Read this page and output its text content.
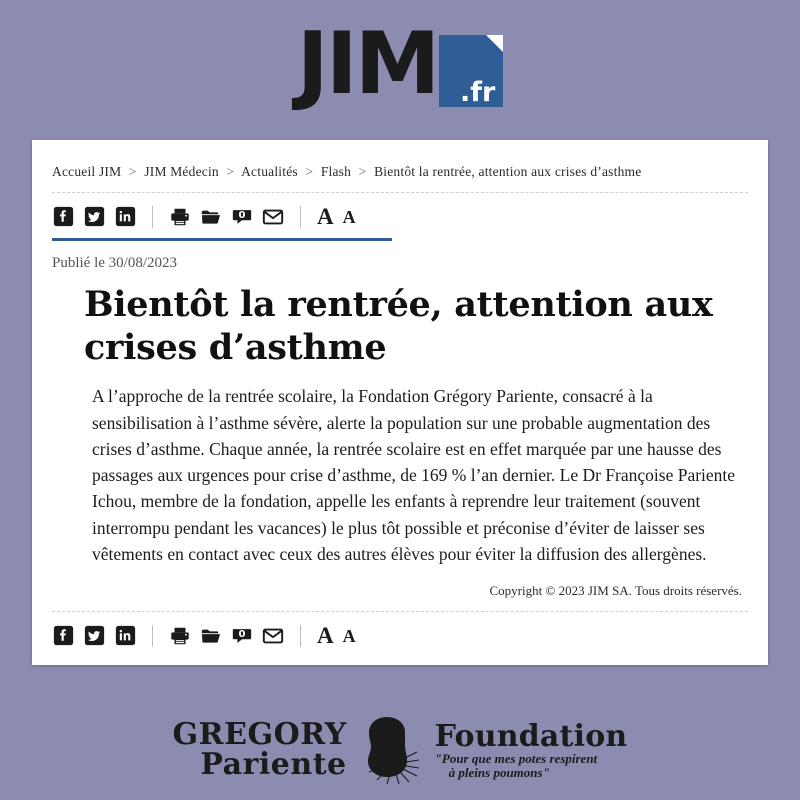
JIM .fr
Accueil JIM > JIM Médecin > Actualités > Flash > Bientôt la rentrée, attention aux crises d’asthme
0	A A
Publié le 30/08/2023
Bientôt la rentrée, attention aux crises d’asthme

A l’approche de la rentrée scolaire, la Fondation Grégory Pariente, consacré à la sensibilisation à l’asthme sévère, alerte la population sur une probable augmentation des crises d’asthme. Chaque année, la rentrée scolaire est en effet marquée par une hausse des passages aux urgences pour crise d’asthme, de 169 % l’an dernier. Le Dr Françoise Pariente Ichou, membre de la fondation, appelle les enfants à reprendre leur traitement (souvent interrompu pendant les vacances) le plus tôt possible et préconise d’éviter de laisser ses vêtements en contact avec ceux des autres élèves pour éviter la diffusion des allergènes.

Copyright © 2023 JIM SA. Tous droits réservés.
0	A A
GREGORY
Pariente
Foundation
"Pour que mes potes respirent
à pleins poumons"
